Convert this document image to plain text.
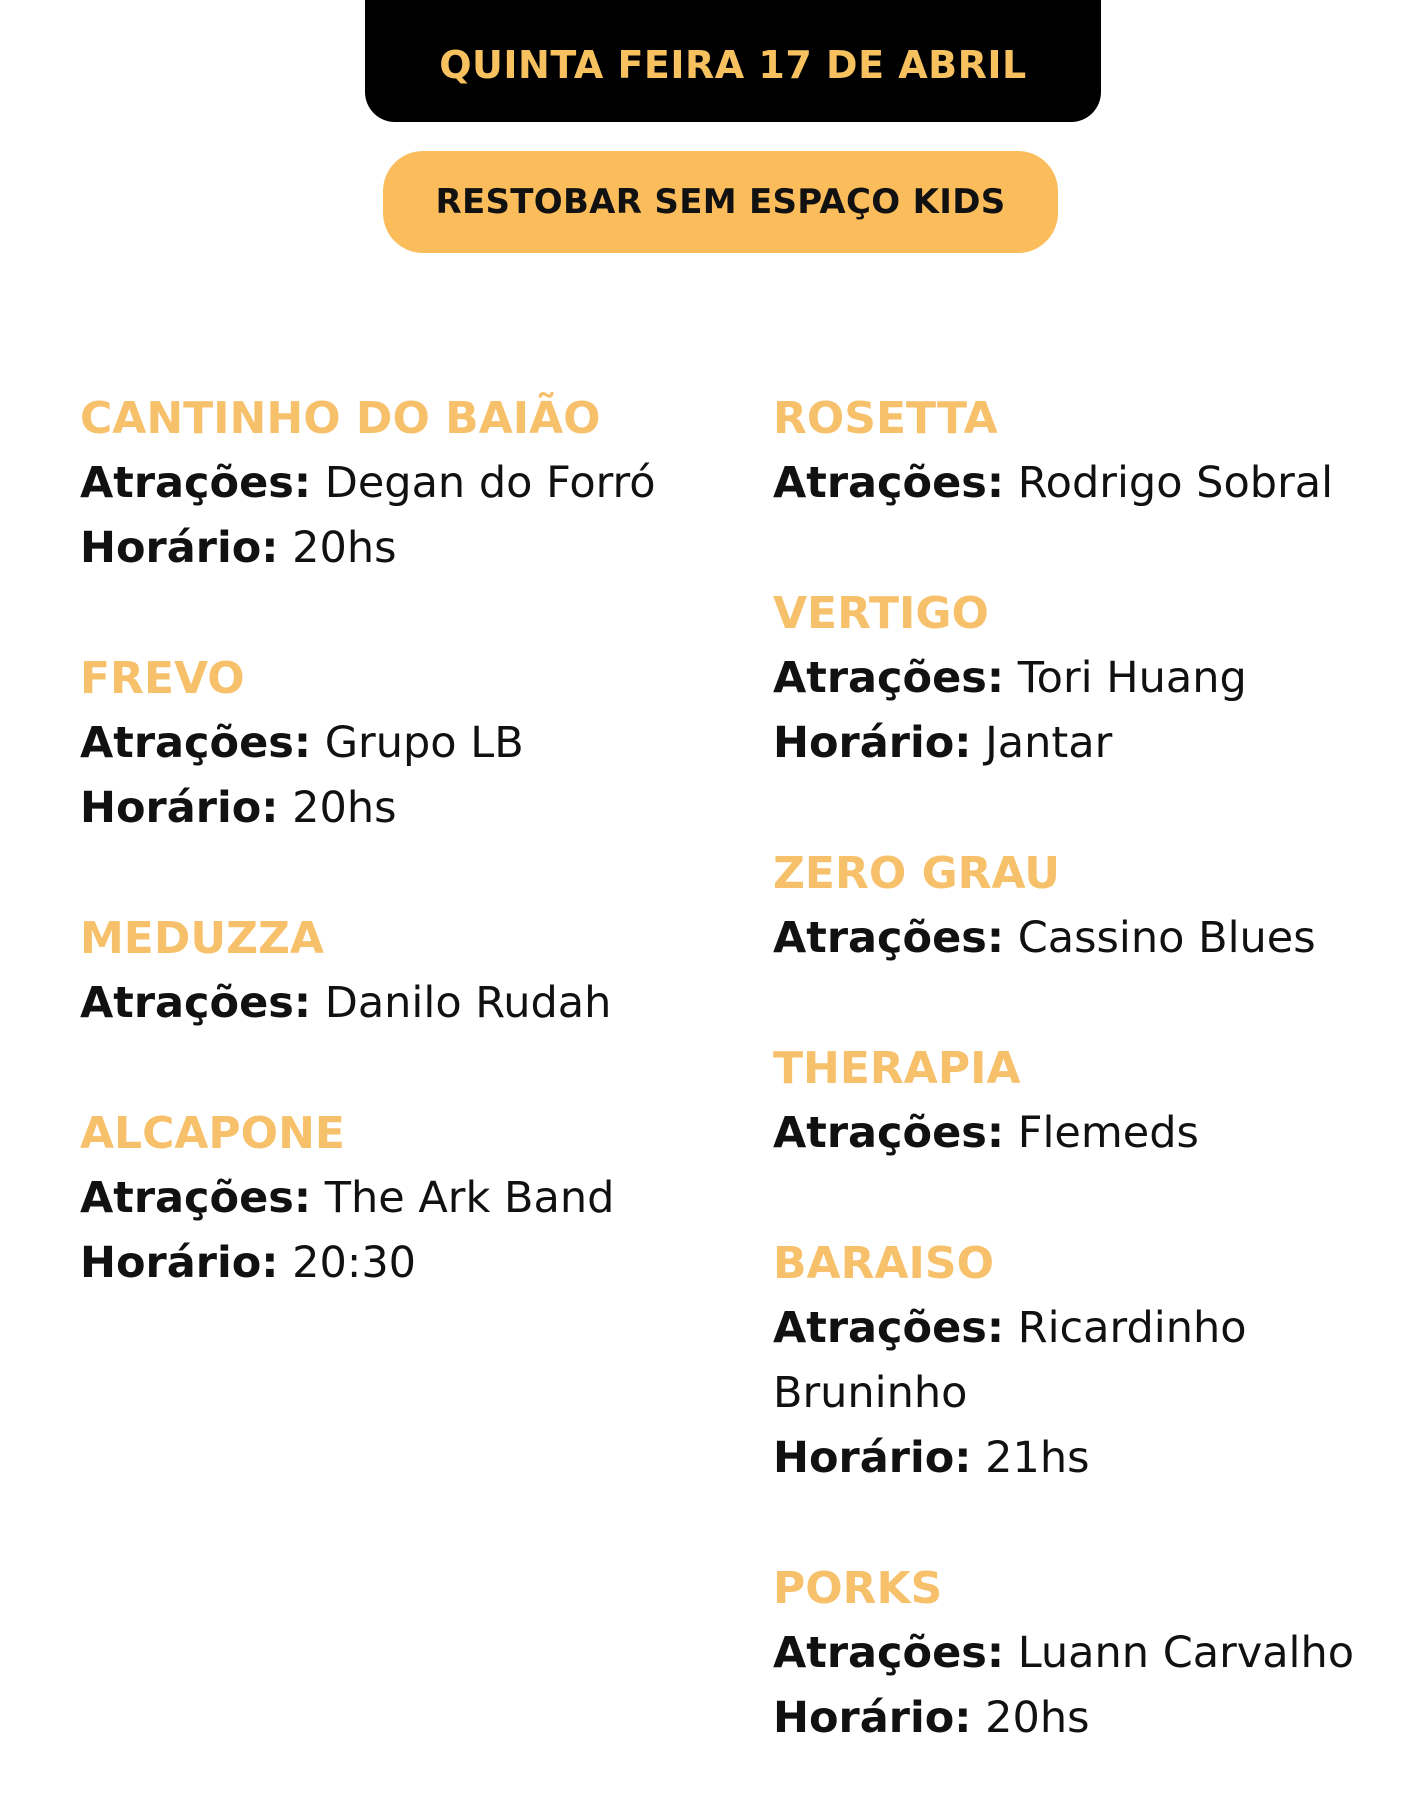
QUINTA FEIRA 17 DE ABRIL
RESTOBAR SEM ESPAÇO KIDS
CANTINHO DO BAIÃO
Atrações: Degan do Forró
Horário: 20hs
FREVO
Atrações: Grupo LB
Horário: 20hs
MEDUZZA
Atrações: Danilo Rudah
ALCAPONE
Atrações: The Ark Band
Horário: 20:30
ROSETTA
Atrações: Rodrigo Sobral
VERTIGO
Atrações: Tori Huang
Horário: Jantar
ZERO GRAU
Atrações: Cassino Blues
THERAPIA
Atrações: Flemeds
BARAISO
Atrações: Ricardinho Bruninho
Horário: 21hs
PORKS
Atrações: Luann Carvalho
Horário: 20hs
